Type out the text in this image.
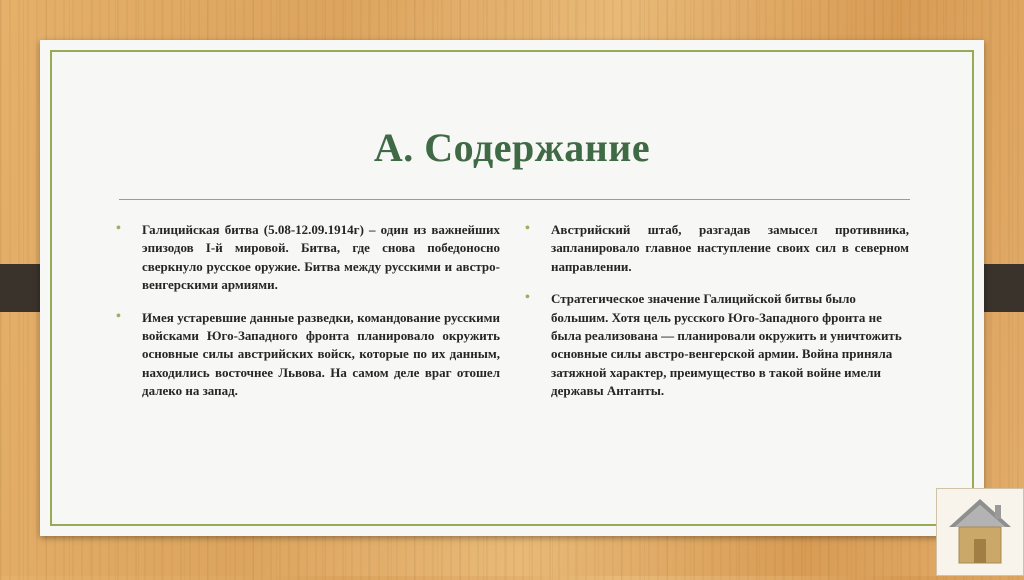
А. Содержание
• Галицийская битва (5.08-12.09.1914г) – один из важнейших эпизодов I-й мировой. Битва, где снова победоносно сверкнуло русское оружие. Битва между русскими и австро-венгерскими армиями.
• Имея устаревшие данные разведки, командование русскими войсками Юго-Западного фронта планировало окружить основные силы австрийских войск, которые по их данным, находились восточнее Львова. На самом деле враг отошел далеко на запад.
• Австрийский штаб, разгадав замысел противника, запланировало главное наступление своих сил в северном направлении.
• Стратегическое значение Галицийской битвы было большим. Хотя цель русского Юго-Западного фронта не была реализована — планировали окружить и уничтожить основные силы австро-венгерской армии. Война приняла затяжной характер, преимущество в такой войне имели державы Антанты.
